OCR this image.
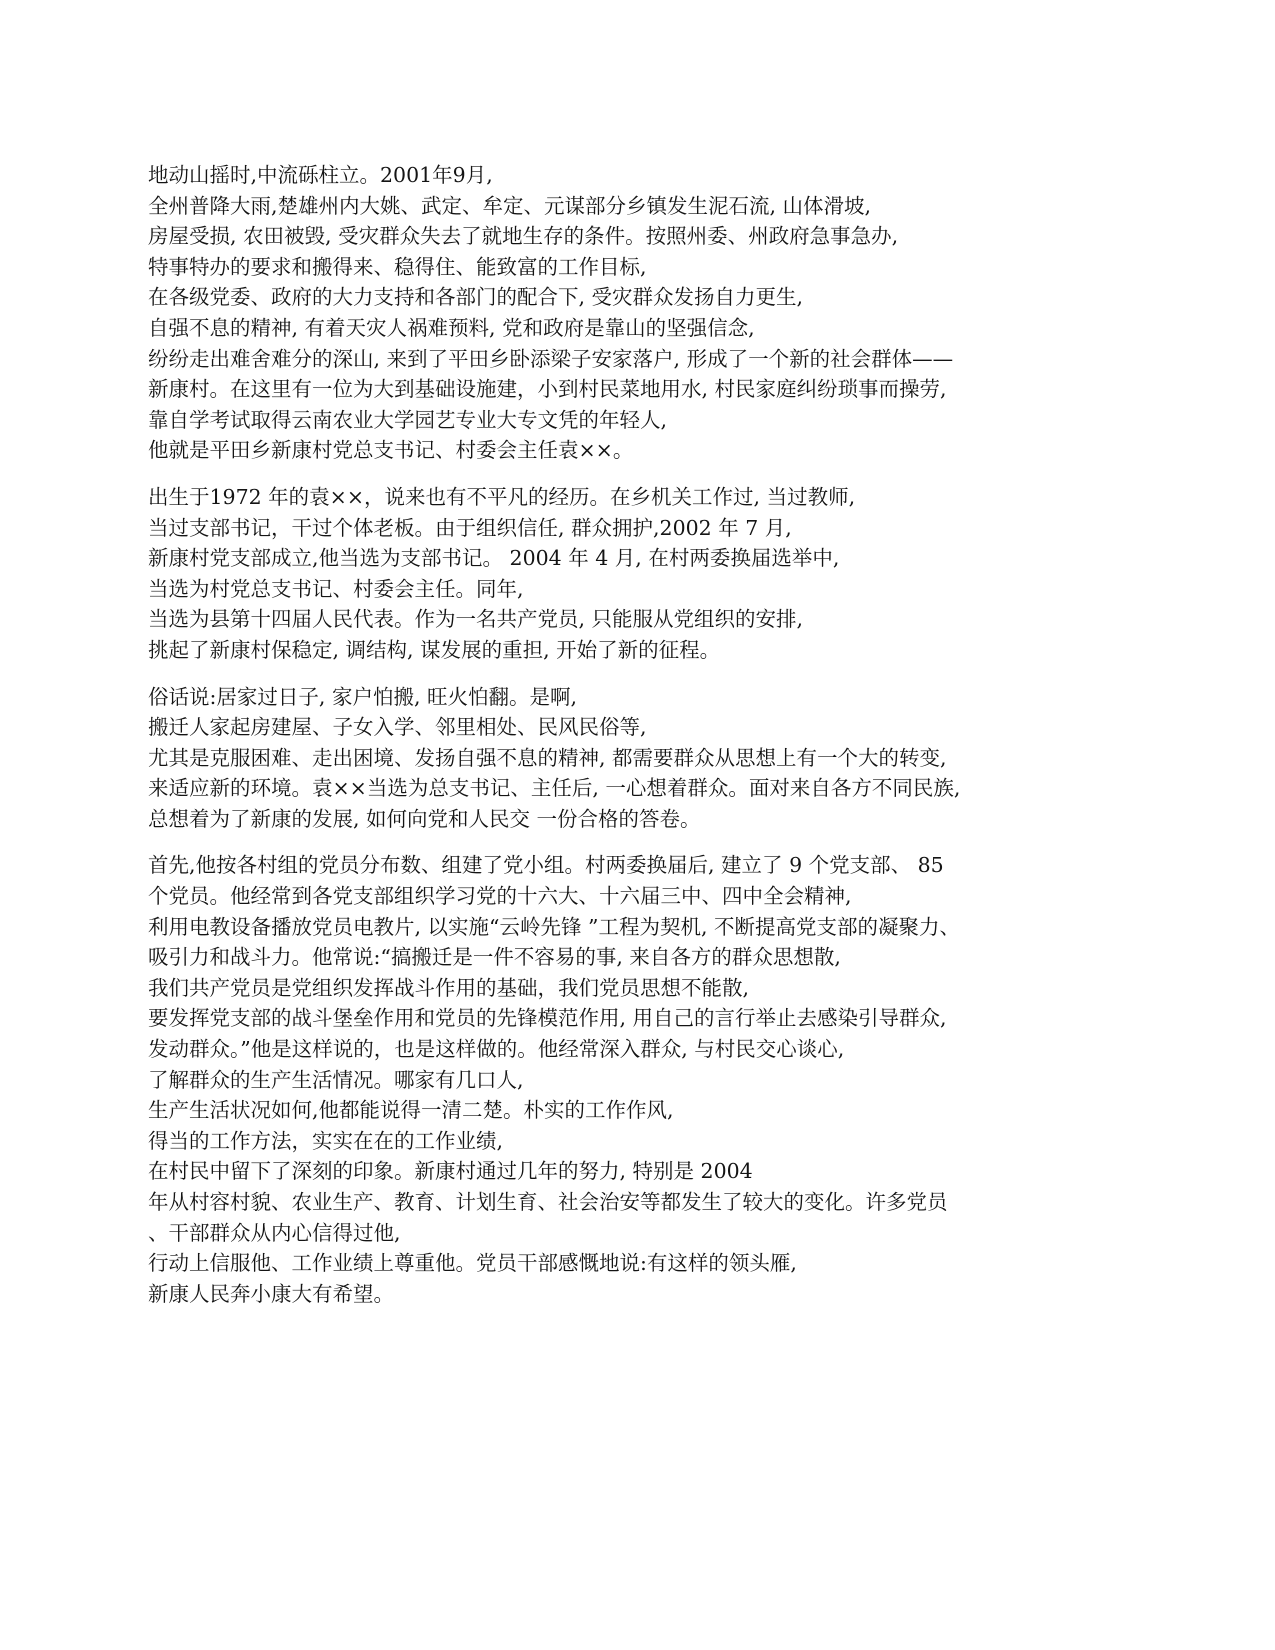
地动山摇时,中流砾柱立。2001年9月,
全州普降大雨,楚雄州内大姚、武定、牟定、元谋部分乡镇发生泥石流, 山体滑坡,
房屋受损, 农田被毁, 受灾群众失去了就地生存的条件。按照州委、州政府急事急办,
特事特办的要求和搬得来、稳得住、能致富的工作目标,
在各级党委、政府的大力支持和各部门的配合下, 受灾群众发扬自力更生,
自强不息的精神, 有着天灾人祸难预料, 党和政府是靠山的坚强信念,
纷纷走出难舍难分的深山, 来到了平田乡卧添梁子安家落户, 形成了一个新的社会群体——
新康村。在这里有一位为大到基础设施建，小到村民菜地用水, 村民家庭纠纷琐事而操劳,
靠自学考试取得云南农业大学园艺专业大专文凭的年轻人,
他就是平田乡新康村党总支书记、村委会主任袁××。
出生于1972 年的袁××，说来也有不平凡的经历。在乡机关工作过, 当过教师,
当过支部书记，干过个体老板。由于组织信任, 群众拥护,2002 年 7 月,
新康村党支部成立,他当选为支部书记。 2004 年 4 月, 在村两委换届选举中,
当选为村党总支书记、村委会主任。同年,
当选为县第十四届人民代表。作为一名共产党员, 只能服从党组织的安排,
挑起了新康村保稳定, 调结构, 谋发展的重担, 开始了新的征程。
俗话说:居家过日子, 家户怕搬, 旺火怕翻。是啊,
搬迁人家起房建屋、子女入学、邻里相处、民风民俗等,
尤其是克服困难、走出困境、发扬自强不息的精神, 都需要群众从思想上有一个大的转变,
来适应新的环境。袁××当选为总支书记、主任后, 一心想着群众。面对来自各方不同民族,
总想着为了新康的发展, 如何向党和人民交 一份合格的答卷。
首先,他按各村组的党员分布数、组建了党小组。村两委换届后, 建立了 9 个党支部、 85
个党员。他经常到各党支部组织学习党的十六大、十六届三中、四中全会精神,
利用电教设备播放党员电教片, 以实施“云岭先锋 ”工程为契机, 不断提高党支部的凝聚力、
吸引力和战斗力。他常说:“搞搬迁是一件不容易的事, 来自各方的群众思想散,
我们共产党员是党组织发挥战斗作用的基础，我们党员思想不能散,
要发挥党支部的战斗堡垒作用和党员的先锋模范作用, 用自己的言行举止去感染引导群众,
发动群众。”他是这样说的，也是这样做的。他经常深入群众, 与村民交心谈心,
了解群众的生产生活情况。哪家有几口人,
生产生活状况如何,他都能说得一清二楚。朴实的工作作风,
得当的工作方法，实实在在的工作业绩,
在村民中留下了深刻的印象。新康村通过几年的努力, 特别是 2004
年从村容村貌、农业生产、教育、计划生育、社会治安等都发生了较大的变化。许多党员
、干部群众从内心信得过他,
行动上信服他、工作业绩上尊重他。党员干部感慨地说:有这样的领头雁,
新康人民奔小康大有希望。
